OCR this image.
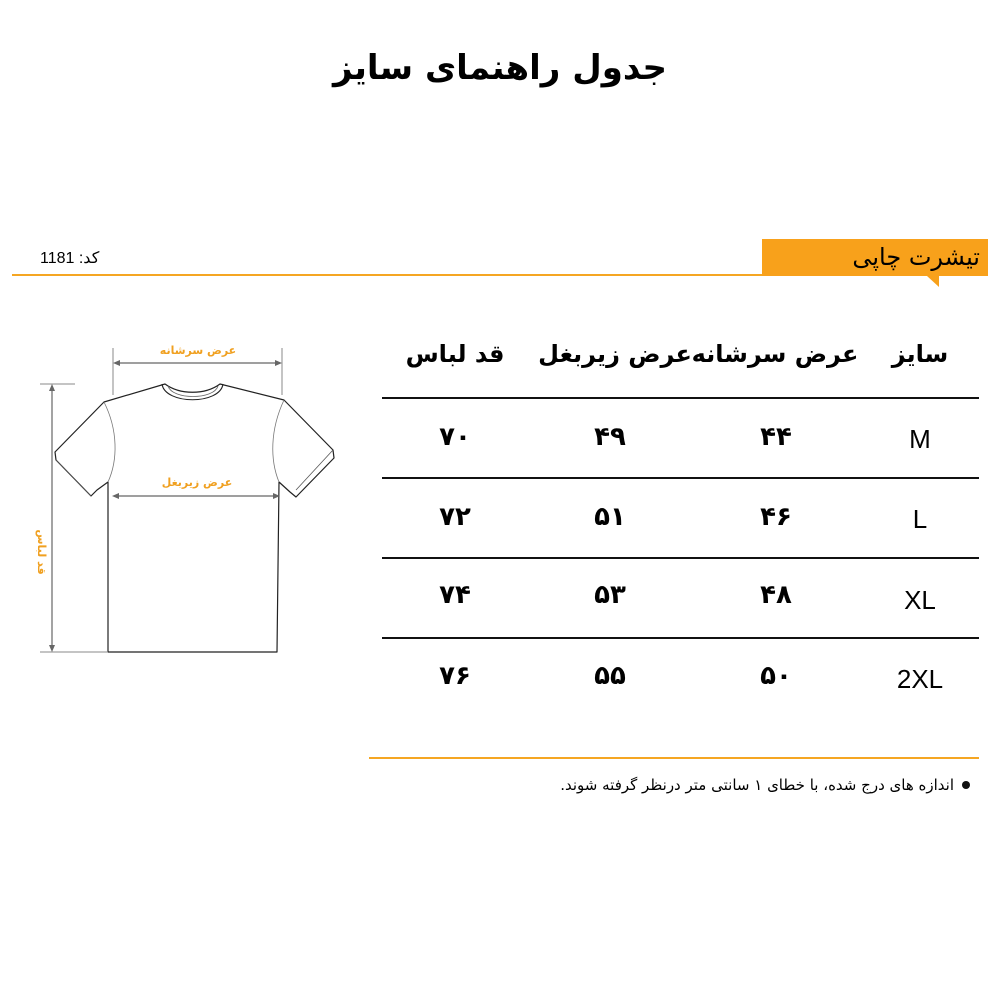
جدول راهنمای سایز
کد: 1181	تیشرت چاپی
عرض سرشانه
عرض زیربغل
قد لباس
سایز
عرض سرشانه
عرض زیربغل
قد لباس
M
۴۴
۴۹
۷۰
L
۴۶
۵۱
۷۲
XL
۴۸
۵۳
۷۴
2XL
۵۰
۵۵
۷۶
اندازه های درج شده، با خطای ۱ سانتی متر درنظر گرفته شوند.
